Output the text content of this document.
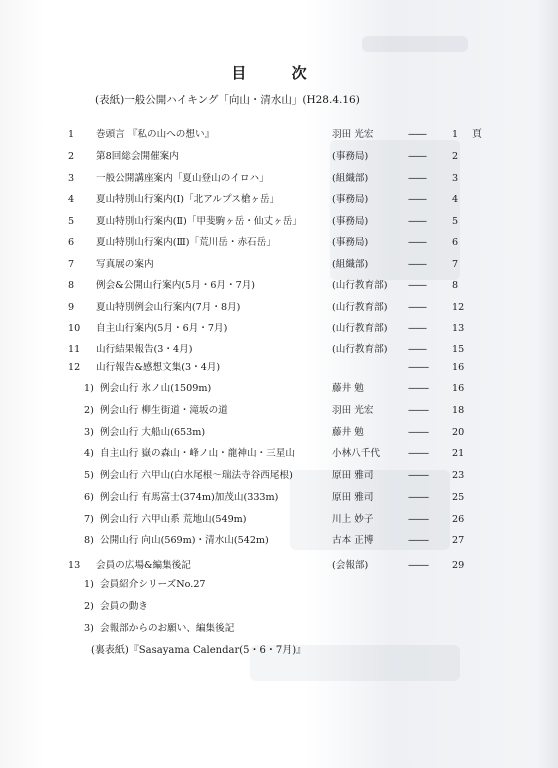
目 次
(表紙)一般公開ハイキング「向山・清水山」(H28.4.16)
頁
1 巻頭言 『私の山への想い』	羽田 光宏	--------	1
2 第8回総会開催案内	(事務局)	--------	2
3 一般公開講座案内「夏山登山のイロハ」	(組織部)	--------	3
4 夏山特別山行案内(Ⅰ)「北アルプス槍ヶ岳」	(事務局)	--------	4
5 夏山特別山行案内(Ⅱ)「甲斐駒ヶ岳・仙丈ヶ岳」	(事務局)	--------	5
6 夏山特別山行案内(Ⅲ)「荒川岳・赤石岳」	(事務局)	--------	6
7 写真展の案内	(組織部)	--------	7
8 例会&公開山行案内(5月・6月・7月)	(山行教育部) --------	8
9 夏山特別例会山行案内(7月・8月)	(山行教育部) --------	12
10 自主山行案内(5月・6月・7月)	(山行教育部) --------	13
11 山行結果報告(3・4月)	(山行教育部) --------	15
12 山行報告&感想文集(3・4月)	--------- 16
1) 例会山行 氷ノ山(1509m)	藤井 勉	--------- 16
2) 例会山行 柳生街道・滝坂の道	羽田 光宏	--------- 18
3) 例会山行 大船山(653m)	藤井 勉	--------- 20
4) 自主山行 嶽の森山・峰ノ山・龍神山・三星山	小林八千代	--------- 21
5) 例会山行 六甲山(白水尾根〜瑞法寺谷西尾根)	原田 雅司	--------- 23
6) 例会山行 有馬富士(374m)加茂山(333m)	原田 雅司	--------- 25
7) 例会山行 六甲山系 荒地山(549m)	川上 妙子	--------- 26
8) 公開山行 向山(569m)・清水山(542m)	古本 正博	--------- 27
13 会員の広場&編集後記	(会報部)	--------- 29
1) 会員紹介シリーズNo.27
2) 会員の動き
3) 会報部からのお願い、編集後記
(裏表紙)『Sasayama Calendar(5・6・7月)』
